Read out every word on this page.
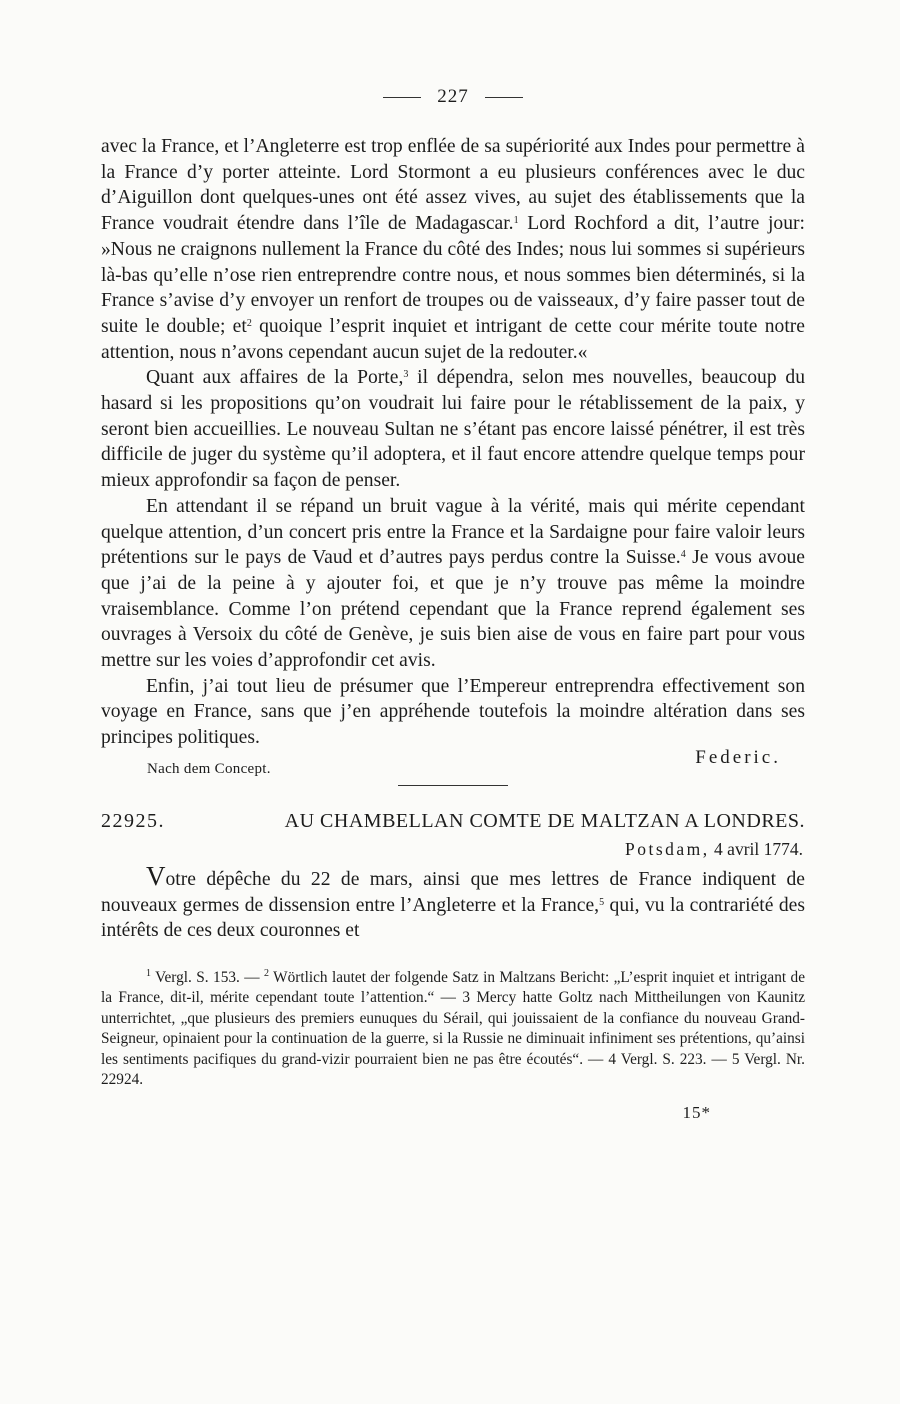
227

avec la France, et l’Angleterre est trop enflée de sa supériorité aux Indes pour permettre à la France d’y porter atteinte. Lord Stormont a eu plusieurs conférences avec le duc d’Aiguillon dont quelques-unes ont été assez vives, au sujet des établissements que la France voudrait étendre dans l’île de Madagascar.$^1$ Lord Rochford a dit, l’autre jour: »Nous ne craignons nullement la France du côté des Indes; nous lui sommes si supérieurs là-bas qu’elle n’ose rien entreprendre contre nous, et nous sommes bien déterminés, si la France s’avise d’y envoyer un renfort de troupes ou de vaisseaux, d’y faire passer tout de suite le double; $et^2$ quoique l’esprit inquiet et intrigant de cette cour mérite toute notre attention, nous n’avons cependant aucun sujet de la redouter.«

Quant aux affaires de la Porte,$^3$ il dépendra, selon mes nouvelles, beaucoup du hasard si les propositions qu’on voudrait lui faire pour le rétablissement de la paix, y seront bien accueillies. Le nouveau Sultan ne s’étant pas encore laissé pénétrer, il est très difficile de juger du système qu’il adoptera, et il faut encore attendre quelque temps pour mieux approfondir sa façon de penser.

En attendant il se répand un bruit vague à la vérité, mais qui mérite cependant quelque attention, d’un concert pris entre la France et la Sardaigne pour faire valoir leurs prétentions sur le pays de Vaud et d’autres pays perdus contre la Suisse.$^4$ Je vous avoue que j’ai de la peine à y ajouter foi, et que je n’y trouve pas même la moindre vraisemblance. Comme l’on prétend cependant que la France reprend également ses ouvrages à Versoix du côté de Genève, je suis bien aise de vous en faire part pour vous mettre sur les voies d’approfondir cet avis.

Enfin, j’ai tout lieu de présumer que l’Empereur entreprendra effectivement son voyage en France, sans que j’en appréhende toutefois la moindre altération dans ses principes politiques.

Nach dem Concept.
Federic.
22925.	AU CHAMBELLAN COMTE DE MALTZAN A LONDRES.
Potsdam, 4 avril 1774.

Votre dépêche du 22 de mars, ainsi que mes lettres de France indiquent de nouveaux germes de dissension entre l’Angleterre et la France,$^5$ qui, vu la contrariété des intérêts de ces deux couronnes et

$^1$ Vergl. S. 153. — $^2$ Wörtlich lautet der folgende Satz in Maltzans Bericht: „L’esprit inquiet et intrigant de la France, dit-il, mérite cependant toute l’attention.“ — 3 Mercy hatte Goltz nach Mittheilungen von Kaunitz unterrichtet, „que plusieurs des premiers eunuques du Sérail, qui jouissaient de la confiance du nouveau Grand-Seigneur, opinaient pour la continuation de la guerre, si la Russie ne diminuait infiniment ses prétentions, qu’ainsi les sentiments pacifiques du grand-vizir pourraient bien ne pas être écoutés“. — 4 Vergl. S. 223. — 5 Vergl. Nr. 22924.

15*
